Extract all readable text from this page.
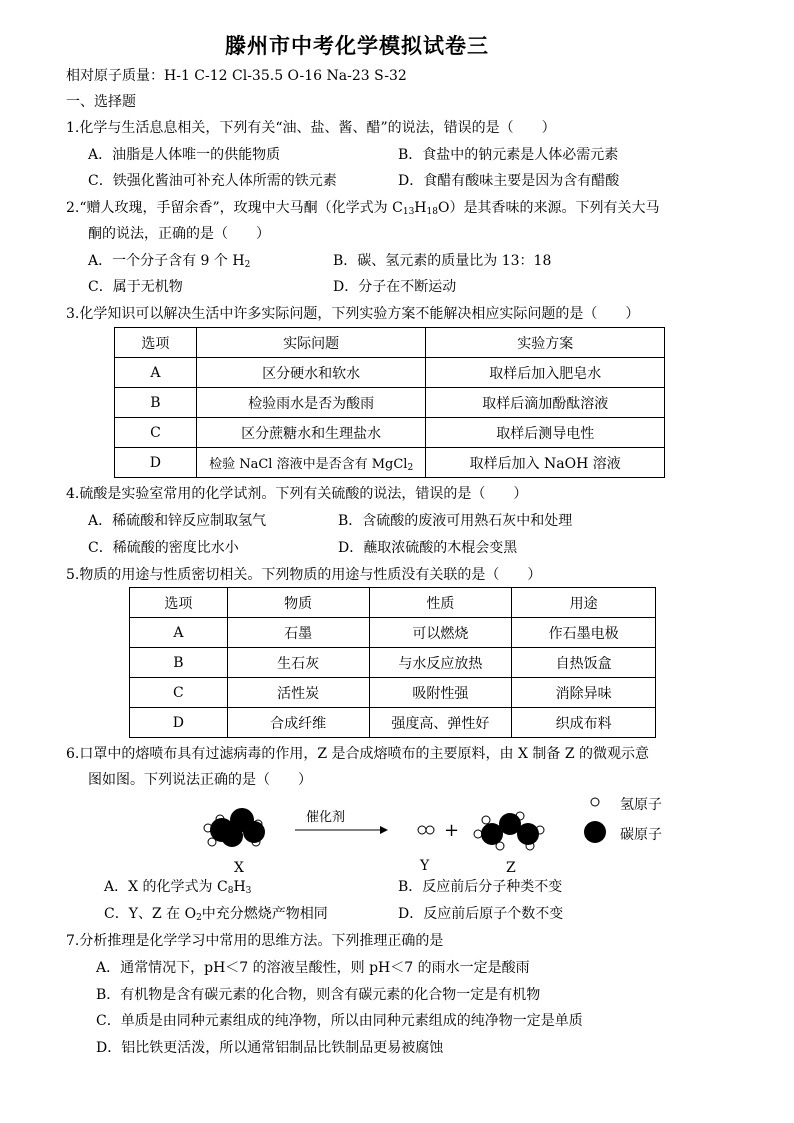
滕州市中考化学模拟试卷三
相对原子质量：H-1 C-12 Cl-35.5 O-16 Na-23 S-32
一、选择题
1.化学与生活息息相关，下列有关“油、盐、酱、醋”的说法，错误的是（　　）
A．油脂是人体唯一的供能物质	B．食盐中的钠元素是人体必需元素
C．铁强化酱油可补充人体所需的铁元素	D．食醋有酸味主要是因为含有醋酸
2.“赠人玫瑰，手留余香”，玫瑰中大马酮（化学式为 $C_{13}H_{18}O$）是其香味的来源。下列有关大马
酮的说法，正确的是（　　）
A．一个分子含有 9 个 $H_2$	B．碳、氢元素的质量比为 13：18
C．属于无机物	D．分子在不断运动
3.化学知识可以解决生活中许多实际问题，下列实验方案不能解决相应实际问题的是（　　）
选项	实际问题	实验方案
A	区分硬水和软水	取样后加入肥皂水
B	检验雨水是否为酸雨	取样后滴加酚酞溶液
C	区分蔗糖水和生理盐水	取样后测导电性
D	检验 NaCl 溶液中是否含有 MgCl$_2$	取样后加入 NaOH 溶液
4.硫酸是实验室常用的化学试剂。下列有关硫酸的说法，错误的是（　　）
A．稀硫酸和锌反应制取氢气	B．含硫酸的废液可用熟石灰中和处理
C．稀硫酸的密度比水小	D．蘸取浓硫酸的木棍会变黑
5.物质的用途与性质密切相关。下列物质的用途与性质没有关联的是（　　）
选项	物质	性质	用途
A	石墨	可以燃烧	作石墨电极
B	生石灰	与水反应放热	自热饭盒
C	活性炭	吸附性强	消除异味
D	合成纤维	强度高、弹性好	织成布料
6.口罩中的熔喷布具有过滤病毒的作用，Z 是合成熔喷布的主要原料，由 X 制备 Z 的微观示意
图如图。下列说法正确的是（　　）
催化剂
+
X	Y	Z
氢原子
碳原子
A．X 的化学式为 $C_8H_3$	B．反应前后分子种类不变
C．Y、Z 在 $O_2$中充分燃烧产物相同	D．反应前后原子个数不变
7.分析推理是化学学习中常用的思维方法。下列推理正确的是
A．通常情况下，pH＜7 的溶液呈酸性，则 pH＜7 的雨水一定是酸雨
B．有机物是含有碳元素的化合物，则含有碳元素的化合物一定是有机物
C．单质是由同种元素组成的纯净物，所以由同种元素组成的纯净物一定是单质
D．铝比铁更活泼，所以通常铝制品比铁制品更易被腐蚀
